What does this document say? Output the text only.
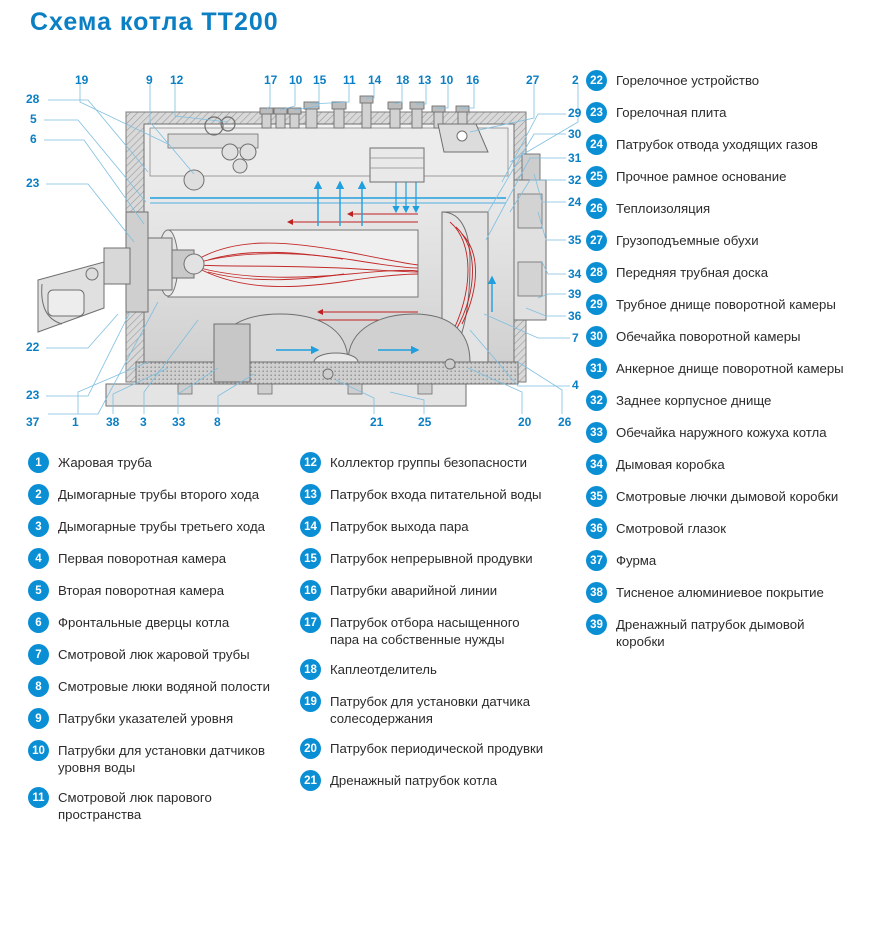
Схема котла ТТ200
19	9 12	17 10 15 11 14 18 13 10 16	27	2
28
5
6
23
22
23
37
29
30
31
32
24
35
34
39
36
7
4
1 38 3 33 8	21	25	20 26
22 Горелочное устройство
23 Горелочная плита
24 Патрубок отвода уходящих газов
25 Прочное рамное основание
26 Теплоизоляция
27 Грузоподъемные обухи
28 Передняя трубная доска
29 Трубное днище поворотной камеры
30 Обечайка поворотной камеры
31 Анкерное днище поворотной камеры
32 Заднее корпусное днище
33 Обечайка наружного кожуха котла
34 Дымовая коробка
35 Смотровые лючки дымовой коробки
36 Смотровой глазок
37 Фурма
38 Тисненое алюминиевое покрытие
39 Дренажный патрубок дымовой коробки
1	Жаровая труба
2	Дымогарные трубы второго хода
3	Дымогарные трубы третьего хода
4	Первая поворотная камера
5	Вторая поворотная камера
6	Фронтальные дверцы котла
7	Смотровой люк жаровой трубы
8	Смотровые люки водяной полости
9	Патрубки указателей уровня
10 Патрубки для установки датчиков уровня воды
11	Смотровой люк парового пространства
12 Коллектор группы безопасности
13 Патрубок входа питательной воды
14 Патрубок выхода пара
15 Патрубок непрерывной продувки
16 Патрубки аварийной линии
17 Патрубок отбора насыщенного пара на собственные нужды
18 Каплеотделитель
19 Патрубок для установки датчика солесодержания
20 Патрубок периодической продувки
21 Дренажный патрубок котла
